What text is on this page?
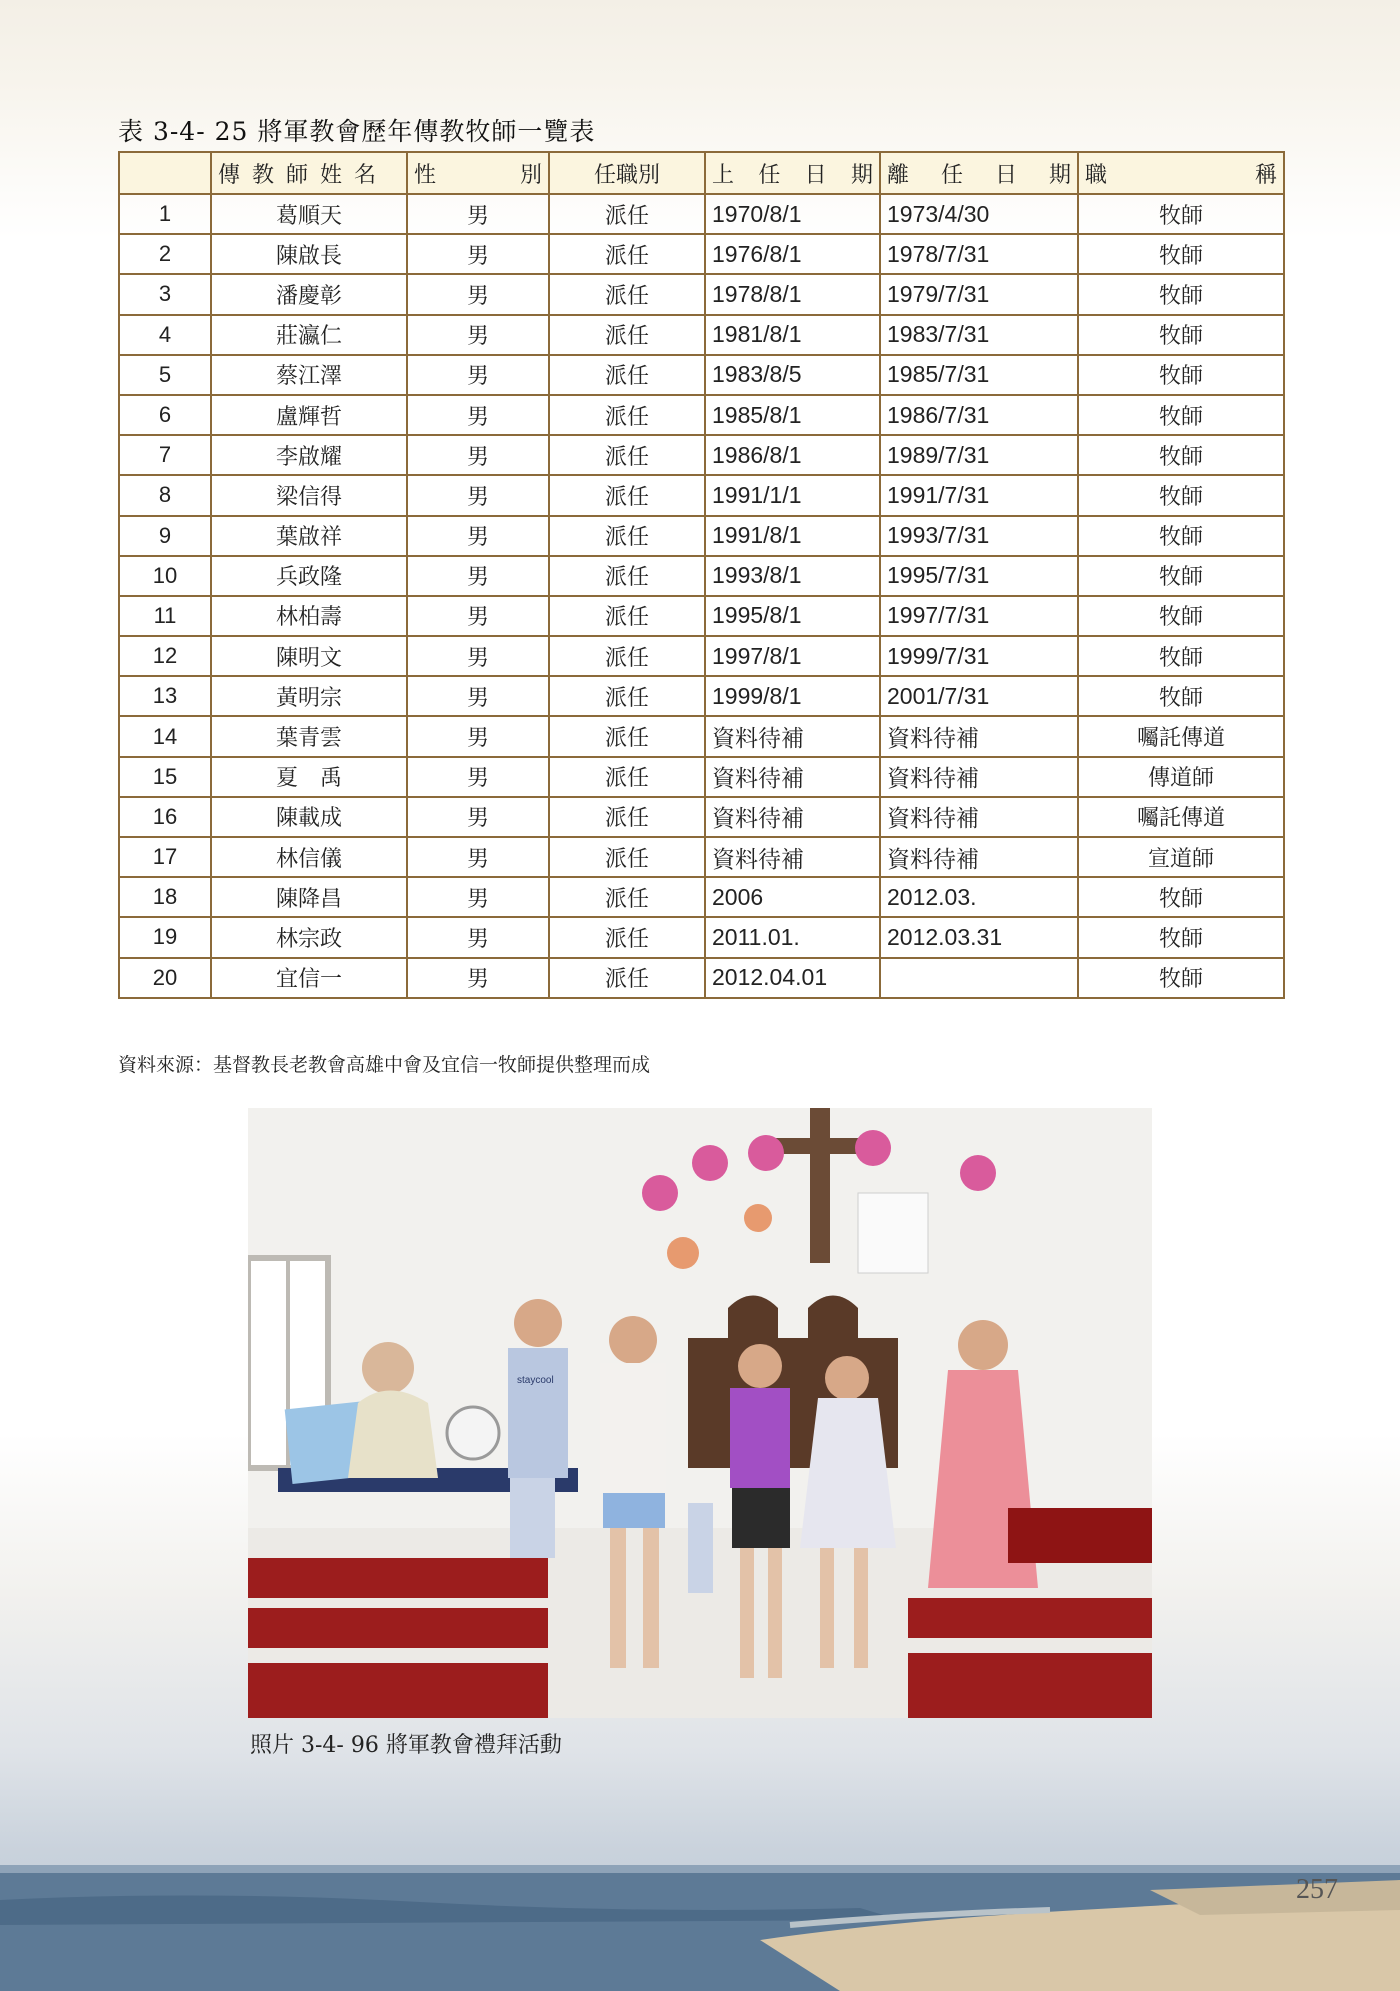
表 3-4- 25 將軍教會歷年傳教牧師一覽表
	傳教師姓名	性別	任職別	上任日期	離任日期	職稱
1	葛順天	男	派任	1970/8/1	1973/4/30	牧師
2	陳啟長	男	派任	1976/8/1	1978/7/31	牧師
3	潘慶彰	男	派任	1978/8/1	1979/7/31	牧師
4	莊瀛仁	男	派任	1981/8/1	1983/7/31	牧師
5	蔡江澤	男	派任	1983/8/5	1985/7/31	牧師
6	盧輝哲	男	派任	1985/8/1	1986/7/31	牧師
7	李啟耀	男	派任	1986/8/1	1989/7/31	牧師
8	梁信得	男	派任	1991/1/1	1991/7/31	牧師
9	葉啟祥	男	派任	1991/8/1	1993/7/31	牧師
10	兵政隆	男	派任	1993/8/1	1995/7/31	牧師
11	林柏壽	男	派任	1995/8/1	1997/7/31	牧師
12	陳明文	男	派任	1997/8/1	1999/7/31	牧師
13	黃明宗	男	派任	1999/8/1	2001/7/31	牧師
14	葉青雲	男	派任	資料待補	資料待補	囑託傳道
15	夏　禹	男	派任	資料待補	資料待補	傳道師
16	陳載成	男	派任	資料待補	資料待補	囑託傳道
17	林信儀	男	派任	資料待補	資料待補	宣道師
18	陳降昌	男	派任	2006	2012.03.	牧師
19	林宗政	男	派任	2011.01.	2012.03.31	牧師
20	宜信一	男	派任	2012.04.01		牧師
資料來源：基督教長老教會高雄中會及宜信一牧師提供整理而成
staycool
照片 3-4- 96 將軍教會禮拜活動
257
